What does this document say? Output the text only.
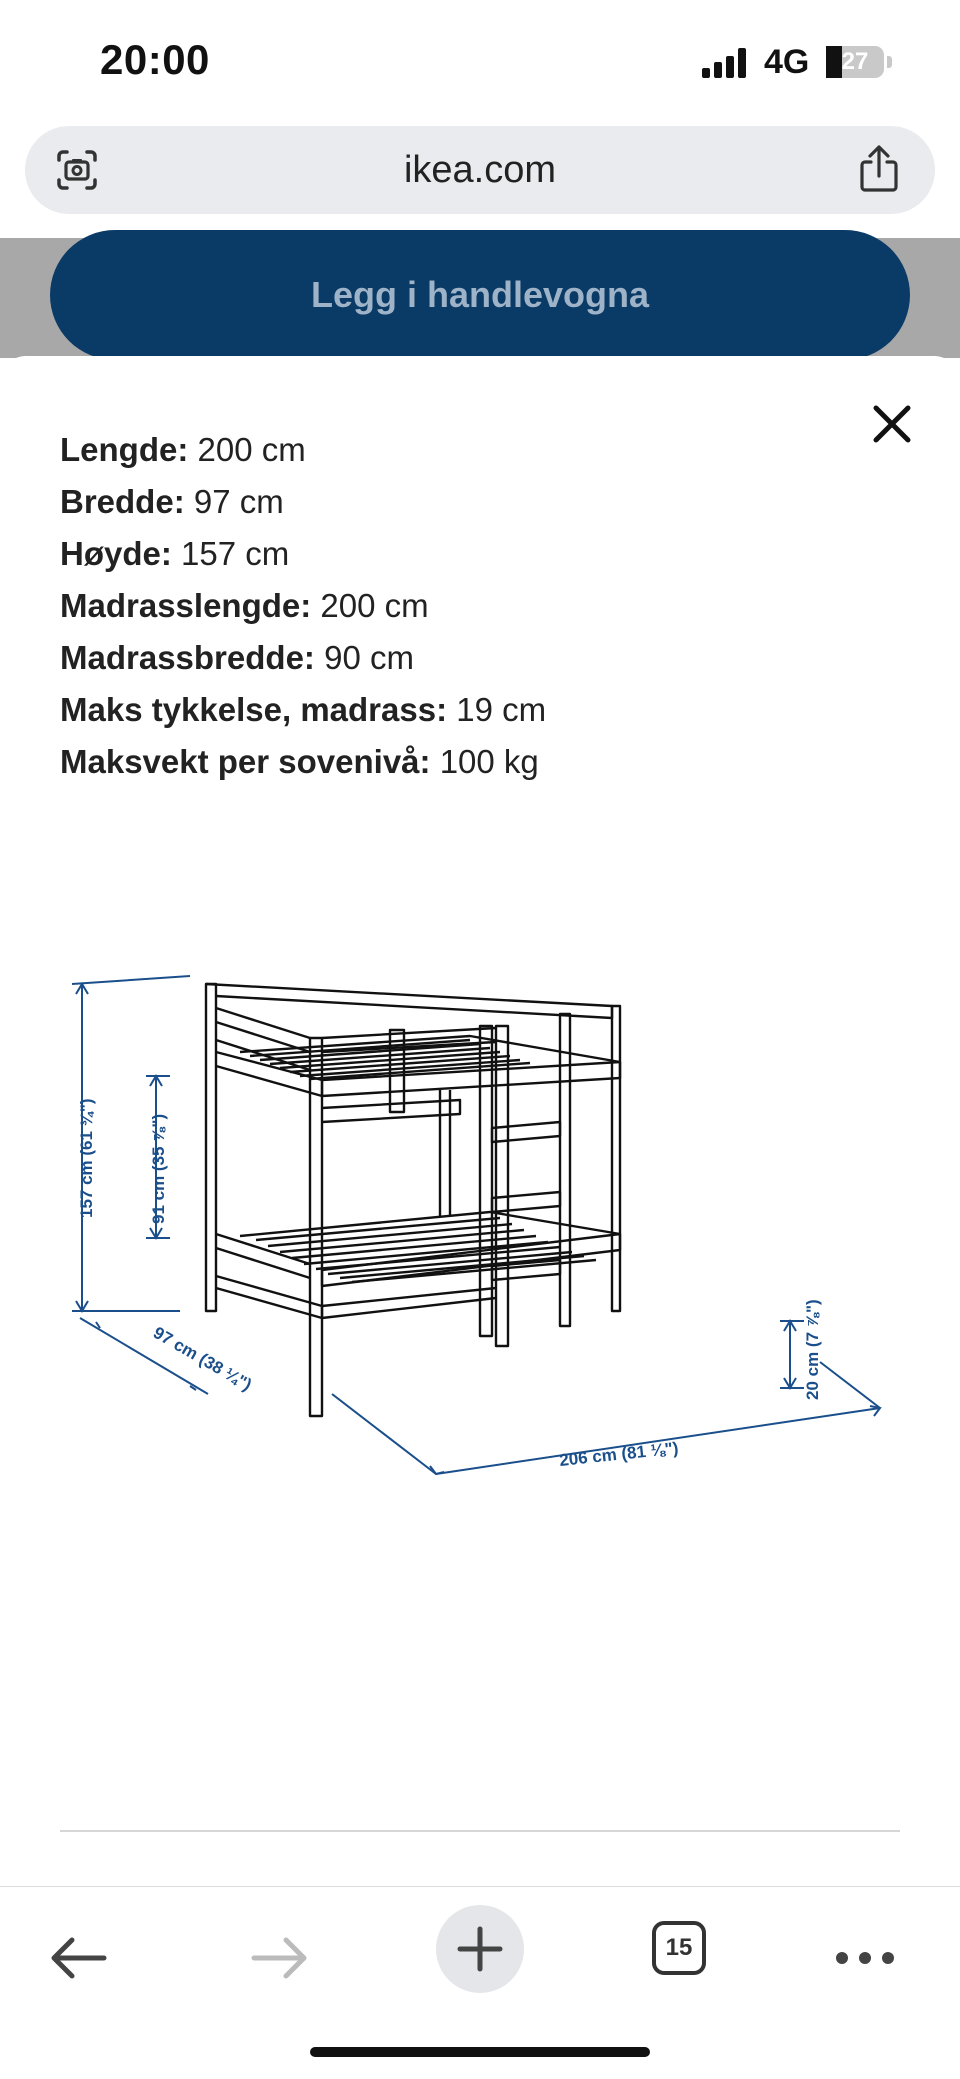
20:00	4G	27
ikea.com
Legg i handlevogna
Lengde: 200 cm
Bredde: 97 cm
Høyde: 157 cm
Madrasslengde: 200 cm
Madrassbredde: 90 cm
Maks tykkelse, madrass: 19 cm
Maksvekt per sovenivå: 100 kg
157 cm (61 ¾")	91 cm (35 ⅞")
97 cm (38 ¼")
206 cm (81 ⅛")
20 cm (7 ⅞")
15
